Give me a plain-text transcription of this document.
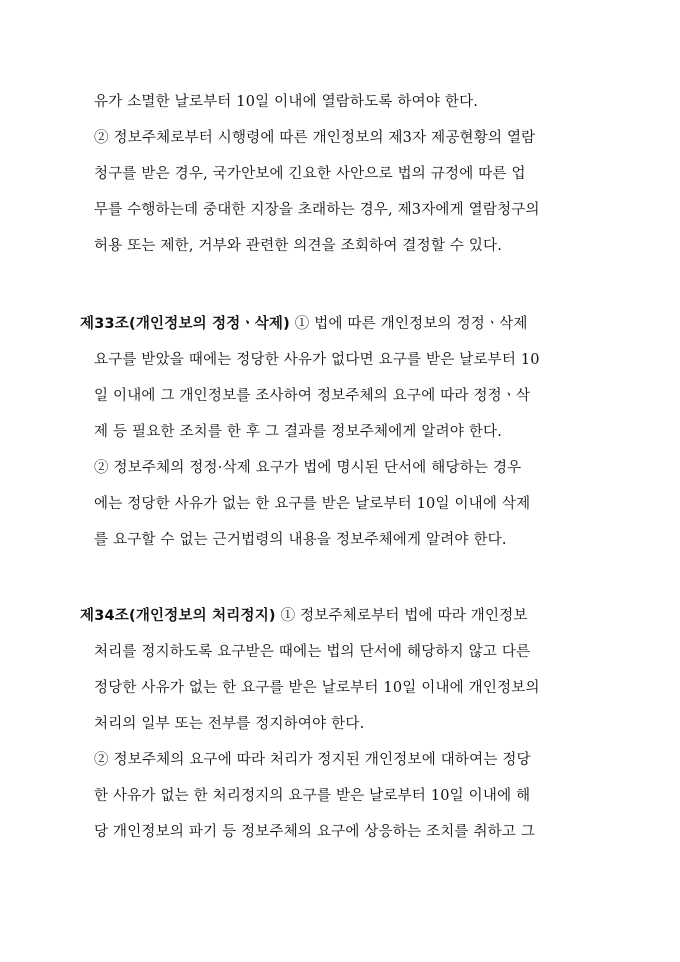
유가 소멸한 날로부터 10일 이내에 열람하도록 하여야 한다.
② 정보주체로부터 시행령에 따른 개인정보의 제3자 제공현황의 열람
청구를 받은 경우, 국가안보에 긴요한 사안으로 법의 규정에 따른 업
무를 수행하는데 중대한 지장을 초래하는 경우, 제3자에게 열람청구의
허용 또는 제한, 거부와 관련한 의견을 조회하여 결정할 수 있다.
제33조(개인정보의 정정ㆍ삭제) ① 법에 따른 개인정보의 정정ㆍ삭제
요구를 받았을 때에는 정당한 사유가 없다면 요구를 받은 날로부터 10
일 이내에 그 개인정보를 조사하여 정보주체의 요구에 따라 정정ㆍ삭
제 등 필요한 조치를 한 후 그 결과를 정보주체에게 알려야 한다.
② 정보주체의 정정·삭제 요구가 법에 명시된 단서에 해당하는 경우
에는 정당한 사유가 없는 한 요구를 받은 날로부터 10일 이내에 삭제
를 요구할 수 없는 근거법령의 내용을 정보주체에게 알려야 한다.
제34조(개인정보의 처리정지) ① 정보주체로부터 법에 따라 개인정보
처리를 정지하도록 요구받은 때에는 법의 단서에 해당하지 않고 다른
정당한 사유가 없는 한 요구를 받은 날로부터 10일 이내에 개인정보의
처리의 일부 또는 전부를 정지하여야 한다.
② 정보주체의 요구에 따라 처리가 정지된 개인정보에 대하여는 정당
한 사유가 없는 한 처리정지의 요구를 받은 날로부터 10일 이내에 해
당 개인정보의 파기 등 정보주체의 요구에 상응하는 조치를 취하고 그
